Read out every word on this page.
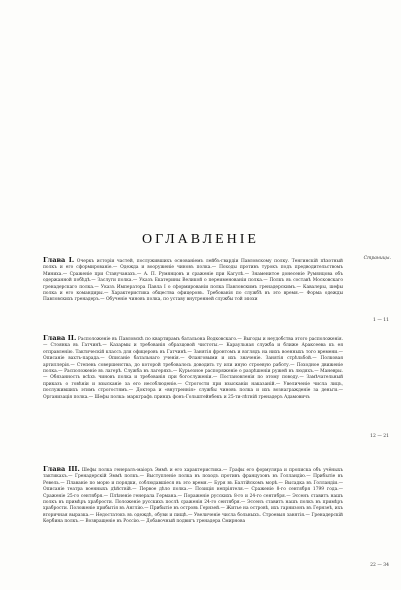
ОГЛАВЛЕНІЕ
Страницы.

Глава I. Очеркъ исторіи частей, послужившихъ основаніемъ лейбъ-гвардіи Павловскому полку. Тенгинскій пѣхотный полкъ и его сформированіе.— Одежда и вооруженіе чиновъ полка.— Походы противъ турокъ подъ предводительствомъ Миниха.— Сраженіе при Ставучанахъ.— А. П. Румянцовъ и сраженіе при Кагулѣ.— Знаменитое донесеніе Румянцова объ одержанной побѣдѣ.— Заслуги полка.— Указъ Екатерины Великой о переименованіи полка.— Полкъ въ составѣ Московскаго гренадерскаго полка.— Указъ Императора Павла I о сформированіи полка Павловскимъ гренадерскимъ.— Кавалеры, шефы полка и его командиры.— Характеристика общества офицеровъ. Требованія по службѣ въ это время.— Форма одежды Павловскихъ гренадеръ.— Обученіе чиновъ полка, по уставу внутренней службы той эпохи

1 — 11

Глава II. Расположеніе въ Павловскѣ по квартирамъ батальона Водковскаго.— Выгоды и неудобства этого расположенія.— Стоянка въ Гатчинѣ.— Казармы и требованія образцовой чистоты.— Караульная служба и ближе Араксеева къ ея отправленію. Тактическій классъ для офицеровъ въ Гатчинѣ.— Занятія фронтомъ и взглядъ на нихъ военныхъ того времени.— Описаніе вахтъ-парада.— Описаніе батальнаго ученія.— Фланговыми и ихъ значеніе. Занятія стрѣльбой.— Полковая артиллерія.— Степень совершенства, до которой требовалось доводить ту или иную строевую работу.— Походное движеніе полка.— Расположеніе въ лагерѣ. Служба въ лагеряхъ.— Курьезное распоряженіе о разрѣшеніи ружей въ людяхъ.— Маневры.— Обязанность всѣхъ чиновъ полка и требованія при богослуженіи.— Постановленія по этому поводу.— Замѣчательный приказъ о говѣніи и взысканіе за его несоблюденіе.— Строгости при взысканіи наказаній.— Увеличеніе числа лицъ, послужившихъ этимъ строгостямъ.— Доктора и «внутреннія» службы чиновъ полка и ихъ вознагражденіе за деньги.— Организація полка.— Шефы полка: маркграфъ принцъ фонъ-Гольштейнбекъ и 25-ти-лѣтній гренадеръ Адамовичъ

12 — 21

Глава III. Шефы полка генералъ-маіоръ Эммѣ и его характеристика.— Графы его формуляра и прописка объ учёныхъ тактикахъ.— Гренадерскій Эммѣ полкъ.— Выступленіе полка въ походъ противъ французовъ въ Голландію.— Прибытіе въ Ревель.— Плаваніе по морю и порядки, соблюдавшіеся въ это время.— Буря въ Балтійскомъ морѣ.— Высадка въ Голландіи.— Описаніе театра военныхъ дѣйствій.— Первое дѣло полка.— Позиція непріятеля.— Сраженіе 8-го сентября 1799 года.— Сраженіе 25-го сентября.— Плѣненіе генерала Германа.— Пораженіе русскихъ 8-го и 24-го сентября.— Эссенъ ставитъ нашъ полкъ въ примѣръ храбрости. Положеніе русскихъ послѣ сраженія 24-го сентября.— Эссенъ ставитъ нашъ полкъ въ примѣръ храбрости. Положеніе прибытія въ Англію.— Прибытіе въ островъ Гернзей.— Житье на островѣ, ихъ гарнизонъ въ Гернзеѣ, ихъ вторичная выразка.— Недостатокъ въ одеждѣ, обуви и пищѣ.— Увеличеніе числа больныхъ. Строевыя занятія.— Гренадерскій Кербина полкъ.— Возвращеніе въ Россію.— Добавочный подвигъ гренадера Смирнова

22 — 34
